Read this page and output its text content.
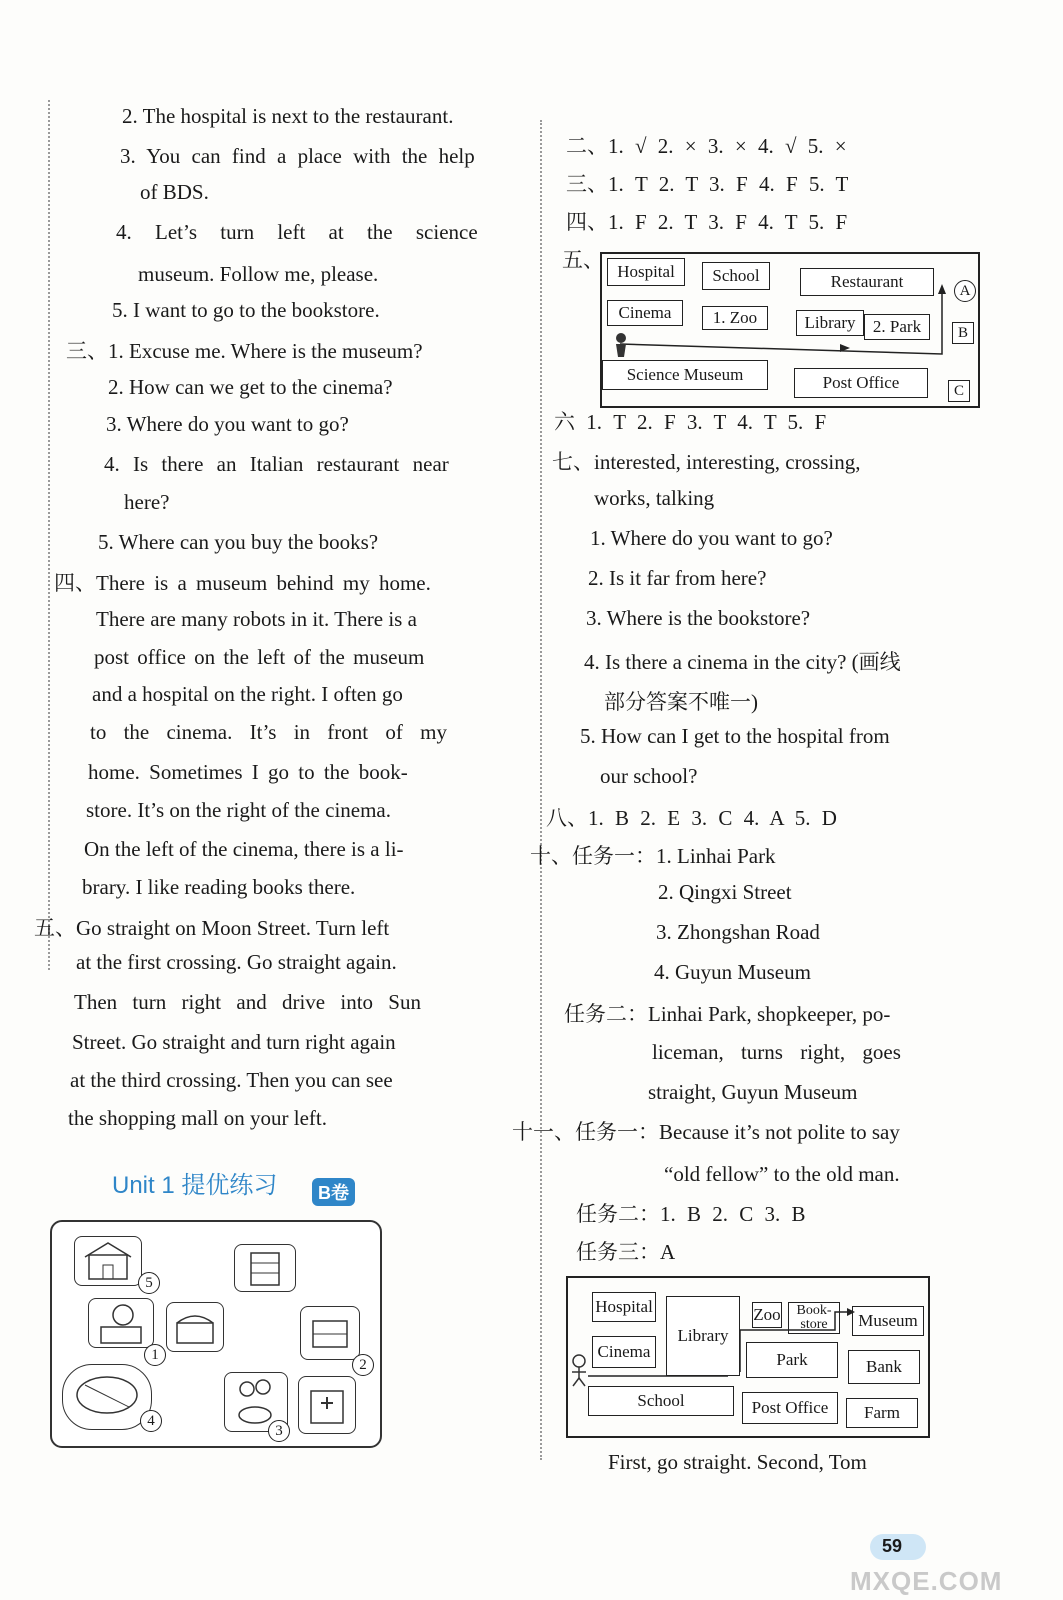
2. The hospital is next to the restaurant.
3. You can find a place with the help
of BDS.
4. Let’s turn left at the science
museum. Follow me, please.
5. I want to go to the bookstore.
三、1. Excuse me. Where is the museum?
2. How can we get to the cinema?
3. Where do you want to go?
4. Is there an Italian restaurant near
here?
5. Where can you buy the books?
四、There is a museum behind my home.
There are many robots in it. There is a
post office on the left of the museum
and a hospital on the right. I often go
to the cinema. It’s in front of my
home. Sometimes I go to the book-
store. It’s on the right of the cinema.
On the left of the cinema, there is a li-
brary. I like reading books there.
五、Go straight on Moon Street. Turn left
at the first crossing. Go straight again.
Then turn right and drive into Sun
Street. Go straight and turn right again
at the third crossing. Then you can see
the shopping mall on your left.
Unit 1 提优练习	B卷
5
1
2
4
3
二、1. √ 2. × 3. × 4. √ 5. ×
三、1. T 2. T 3. F 4. F 5. T
四、1. F 2. T 3. F 4. T 5. F
五、 Hospital	School	Restaurant	A
Cinema	1. Zoo	Library	2. Park	B
Science Museum	Post Office	C
六 1. T 2. F 3. T 4. T 5. F
七、interested, interesting, crossing,
works, talking
1. Where do you want to go?
2. Is it far from here?
3. Where is the bookstore?
4. Is there a cinema in the city? (画线
部分答案不唯一)
5. How can I get to the hospital from
our school?
八、1. B 2. E 3. C 4. A 5. D
十、任务一：1. Linhai Park
2. Qingxi Street
3. Zhongshan Road
4. Guyun Museum
任务二：Linhai Park, shopkeeper, po-
liceman, turns right, goes
straight, Guyun Museum
十一、任务一：Because it’s not polite to say
“old fellow” to the old man.
任务二：1. B 2. C 3. B
任务三：A
Hospital
Library
Zoo	Book-store	Museum
Cinema	Park	Bank
School	Post Office	Farm
First, go straight. Second, Tom
59
MXQE.COM
